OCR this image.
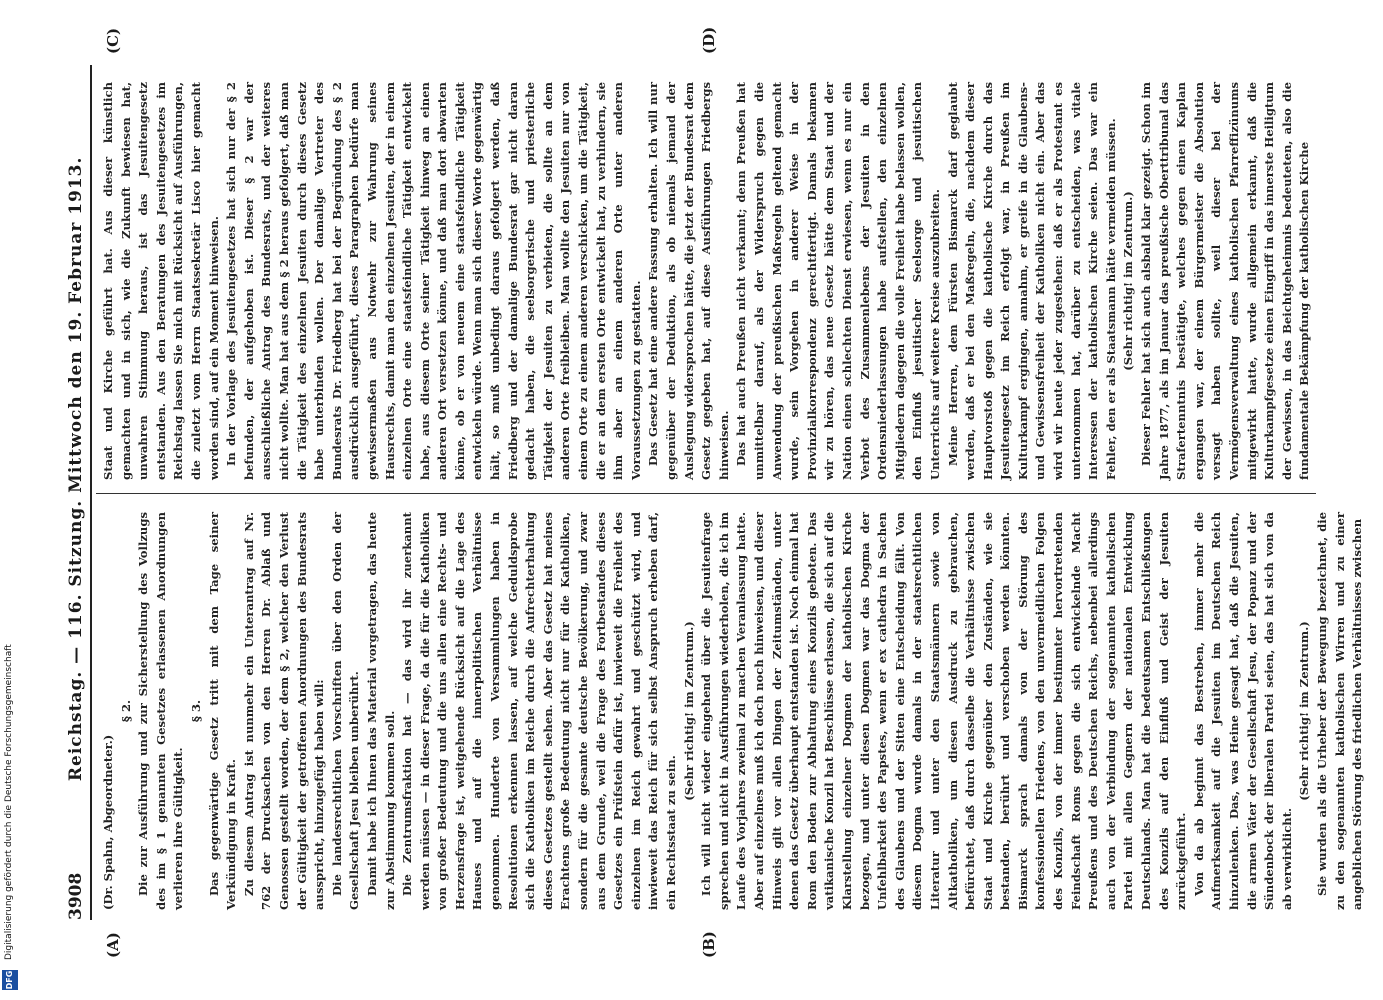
DFG
Digitalisierung gefördert durch die Deutsche Forschungsgemeinschaft	3908
Reichstag. — 116. Sitzung. Mittwoch den 19. Februar 1913.
(A)	(B)
(C)	(D)

(Dr. Spahn, Abgeordneter.)

§ 2. Die zur Ausführung und zur Sicherstellung des Vollzugs des im § 1 genannten Gesetzes erlassenen Anordnungen verlieren ihre Gültigkeit.

§ 3. Das gegenwärtige Gesetz tritt mit dem Tage seiner Verkündigung in Kraft. Zu diesem Antrag ist nunmehr ein Unterantrag auf Nr. 762 der Drucksachen von den Herren Dr. Ablaß und Genossen gestellt worden, der dem § 2, welcher den Verlust der Gültigkeit der getroffenen Anordnungen des Bundesrats ausspricht, hinzugefügt haben will: Die landesrechtlichen Vorschriften über den Orden der Gesellschaft Jesu bleiben unberührt. Damit habe ich Ihnen das Material vorgetragen, das heute zur Abstimmung kommen soll. Die Zentrumsfraktion hat — das wird ihr zuerkannt werden müssen — in dieser Frage, da die für die Katholiken von großer Bedeutung und die uns allen eine Rechts- und Herzensfrage ist, weitgehende Rücksicht auf die Lage des Hauses und auf die innerpolitischen Verhältnisse genommen. Hunderte von Versammlungen haben in Resolutionen erkennen lassen, auf welche Geduldsprobe sich die Katholiken im Reiche durch die Aufrechterhaltung dieses Gesetzes gestellt sehen. Aber das Gesetz hat meines Erachtens große Bedeutung nicht nur für die Katholiken, sondern für die gesamte deutsche Bevölkerung, und zwar aus dem Grunde, weil die Frage des Fortbestandes dieses Gesetzes ein Prüfstein dafür ist, inwieweit die Freiheit des einzelnen im Reich gewahrt und geschützt wird, und inwieweit das Reich für sich selbst Anspruch erheben darf, ein Rechtsstaat zu sein.

(Sehr richtig! im Zentrum.) Ich will nicht wieder eingehend über die Jesuitenfrage sprechen und nicht in Ausführungen wiederholen, die ich im Laufe des Vorjahres zweimal zu machen Veranlassung hatte. Aber auf einzelnes muß ich doch noch hinweisen, und dieser Hinweis gilt vor allen Dingen der Zeitumständen, unter denen das Gesetz überhaupt entstanden ist. Noch einmal hat Rom den Boden zur Abhaltung eines Konzils geboten. Das vatikanische Konzil hat Beschlüsse erlassen, die sich auf die Klarstellung einzelner Dogmen der katholischen Kirche bezogen, und unter diesen Dogmen war das Dogma der Unfehlbarkeit des Papstes, wenn er ex cathedra in Sachen des Glaubens und der Sitten eine Entscheidung fällt. Von diesem Dogma wurde damals in der staatsrechtlichen Literatur und unter den Staatsmännern sowie von Altkatholiken, um diesen Ausdruck zu gebrauchen, befürchtet, daß durch dasselbe die Verhältnisse zwischen Staat und Kirche gegenüber den Zuständen, wie sie bestanden, berührt und verschoben werden könnten. Bismarck sprach damals von der Störung des konfessionellen Friedens, von den unvermeidlichen Folgen des Konzils, von der immer bestimmter hervortretenden Feindschaft Roms gegen die sich entwickelnde Macht Preußens und des Deutschen Reichs, nebenbei allerdings auch von der Verbindung der sogenannten katholischen Partei mit allen Gegnern der nationalen Entwicklung Deutschlands. Man hat die bedeutsamen Entschließungen des Konzils auf den Einfluß und Geist der Jesuiten zurückgeführt. Von da ab beginnt das Bestreben, immer mehr die Aufmerksamkeit auf die Jesuiten im Deutschen Reich hinzulenken. Das, was Heine gesagt hat, daß die Jesuiten, die armen Väter der Gesellschaft Jesu, der Popanz und der Sündenbock der liberalen Partei seien, das hat sich von da ab verwirklicht.

(Sehr richtig! im Zentrum.) Sie wurden als die Urheber der Bewegung bezeichnet, die zu den sogenannten katholischen Wirren und zu einer angeblichen Störung des friedlichen Verhältnisses zwischen

Staat und Kirche geführt hat. Aus dieser künstlich gemachten und in sich, wie die Zukunft bewiesen hat, unwahren Stimmung heraus, ist das Jesuitengesetz entstanden. Aus den Beratungen des Jesuitengesetzes im Reichstag lassen Sie mich mit Rücksicht auf Ausführungen, die zuletzt vom Herrn Staatssekretär Lisco hier gemacht worden sind, auf ein Moment hinweisen. In der Vorlage des Jesuitengesetzes hat sich nur der § 2 befunden, der aufgehoben ist. Dieser § 2 war der ausschließliche Antrag des Bundesrats, und der weiteres nicht wollte. Man hat aus dem § 2 heraus gefolgert, daß man die Tätigkeit des einzelnen Jesuiten durch dieses Gesetz habe unterbinden wollen. Der damalige Vertreter des Bundesrats Dr. Friedberg hat bei der Begründung des § 2 ausdrücklich ausgeführt, dieses Paragraphen bedürfe man gewissermaßen aus Notwehr zur Wahrung seines Hausrechts, damit man den einzelnen Jesuiten, der in einem einzelnen Orte eine staatsfeindliche Tätigkeit entwickelt habe, aus diesem Orte seiner Tätigkeit hinweg an einen anderen Ort versetzen könne, und daß man dort abwarten könne, ob er von neuem eine staatsfeindliche Tätigkeit entwickeln würde. Wenn man sich dieser Worte gegenwärtig hält, so muß unbedingt daraus gefolgert werden, daß Friedberg und der damalige Bundesrat gar nicht daran gedacht haben, die seelsorgerische und priesterliche Tätigkeit der Jesuiten zu verbieten, die sollte an dem anderen Orte freibleiben. Man wollte den Jesuiten nur von einem Orte zu einem anderen verschicken, um die Tätigkeit, die er an dem ersten Orte entwickelt hat, zu verhindern, sie ihm aber an einem anderen Orte unter anderen Voraussetzungen zu gestatten. Das Gesetz hat eine andere Fassung erhalten. Ich will nur gegenüber der Deduktion, als ob niemals jemand der Auslegung widersprochen hätte, die jetzt der Bundesrat dem Gesetz gegeben hat, auf diese Ausführungen Friedbergs hinweisen. Das hat auch Preußen nicht verkannt; denn Preußen hat unmittelbar darauf, als der Widerspruch gegen die Anwendung der preußischen Maßregeln geltend gemacht wurde, sein Vorgehen in anderer Weise in der Provinzialkorrespondenz gerechtfertigt. Damals bekamen wir zu hören, das neue Gesetz hätte dem Staat und der Nation einen schlechten Dienst erwiesen, wenn es nur ein Verbot des Zusammenlebens der Jesuiten in den Ordensniederlassungen habe aufstellen, den einzelnen Mitgliedern dagegen die volle Freiheit habe belassen wollen, den Einfluß jesuitischer Seelsorge und jesuitischen Unterrichts auf weitere Kreise auszubreiten. Meine Herren, dem Fürsten Bismarck darf geglaubt werden, daß er bei den Maßregeln, die, nachdem dieser Hauptvorstoß gegen die katholische Kirche durch das Jesuitengesetz im Reich erfolgt war, in Preußen im Kulturkampf ergingen, annahm, er greife in die Glaubens- und Gewissensfreiheit der Katholiken nicht ein. Aber das wird wir heute jeder zugestehen: daß er als Protestant es unternommen hat, darüber zu entscheiden, was vitale Interessen der katholischen Kirche seien. Das war ein Fehler, den er als Staatsmann hätte vermeiden müssen. (Sehr richtig! im Zentrum.) Dieser Fehler hat sich auch alsbald klar gezeigt. Schon im Jahre 1877, als im Januar das preußische Oberttribunal das Strafertenntnis bestätigte, welches gegen einen Kaplan ergangen war, der einem Bürgermeister die Absolution versagt haben sollte, weil dieser bei der Vermögensverwaltung eines katholischen Pfarreffizünums mitgewirkt hatte, wurde allgemein erkannt, daß die Kulturkampfgesetze einen Eingriff in das innerste Heiligtum der Gewissen, in das Beichtgeheimnis bedeuteten, also die fundamentale Bekämpfung der katholischen Kirche
